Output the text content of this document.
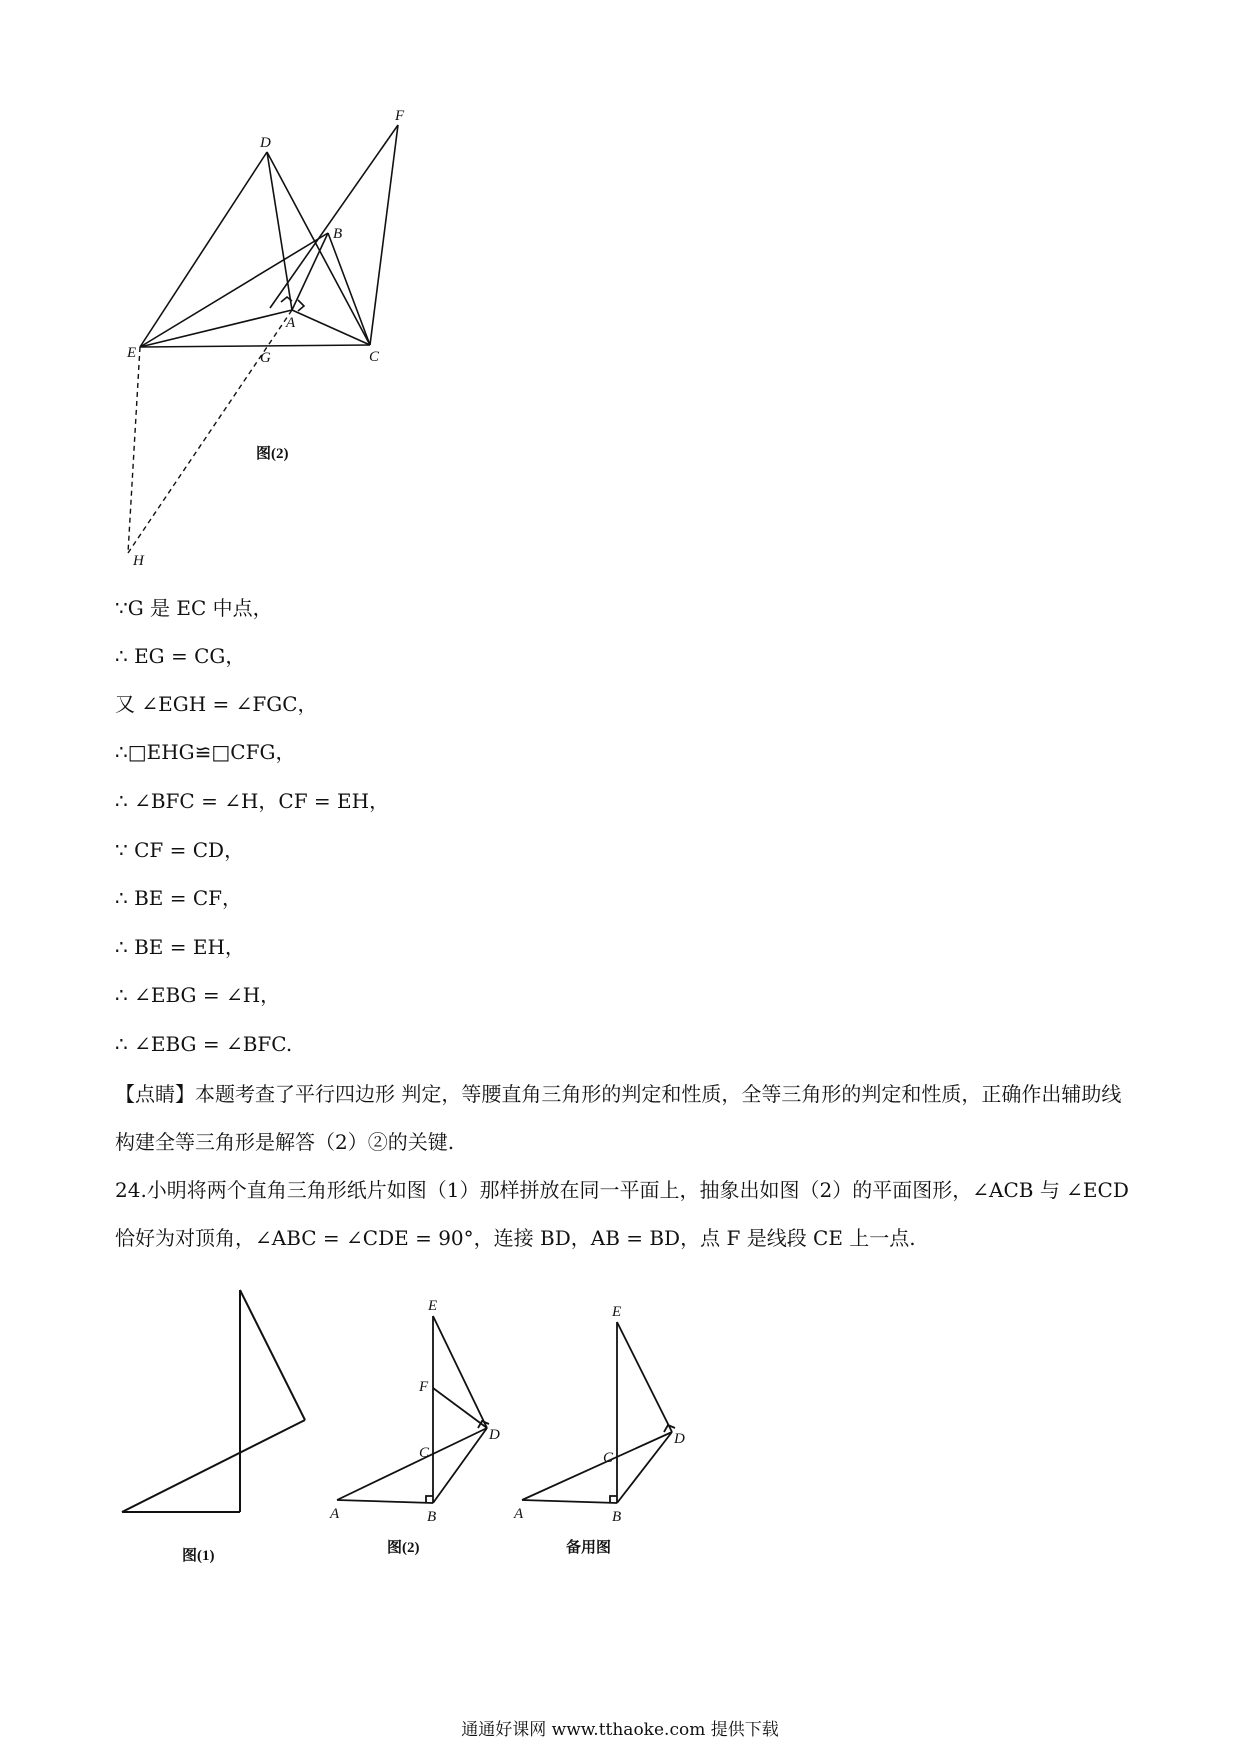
D
F
B
A
E	G	C
H
图(2)
∵G 是 EC 中点，
∴ EG = CG，
又 ∠EGH = ∠FGC，
∴□EHG≌□CFG，
∴ ∠BFC = ∠H，CF = EH，
∵ CF = CD，
∴ BE = CF，
∴ BE = EH，
∴ ∠EBG = ∠H，
∴ ∠EBG = ∠BFC.
【点睛】本题考查了平行四边形 判定，等腰直角三角形的判定和性质，全等三角形的判定和性质，正确作出辅助线构建全等三角形是解答（2）②的关键.
24.小明将两个直角三角形纸片如图（1）那样拼放在同一平面上，抽象出如图（2）的平面图形，∠ACB 与 ∠ECD 恰好为对顶角，∠ABC = ∠CDE = 90°，连接 BD，AB = BD，点 F 是线段 CE 上一点.
图(1)
E
F
D
C
A	B
图(2)
E
D
C
A	B
备用图
通通好课网 www.tthaoke.com 提供下载
